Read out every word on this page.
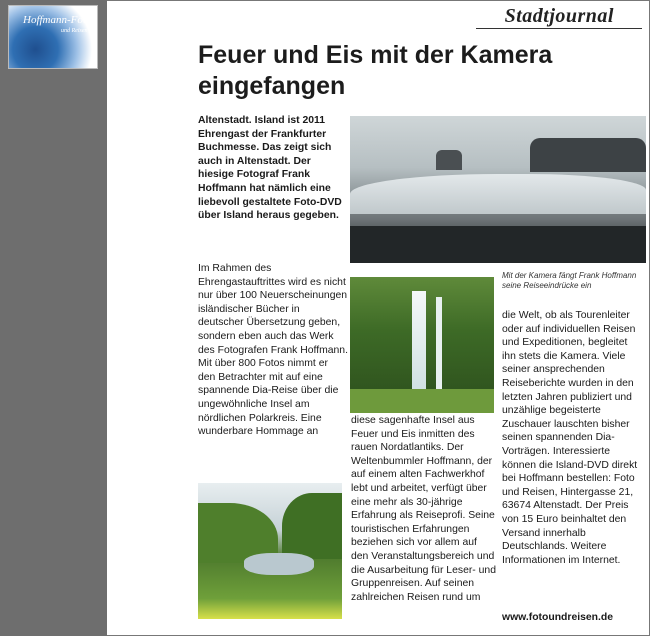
Hoffmann-Foto
und Reisen
Stadtjournal
Feuer und Eis mit der Kamera eingefangen

Altenstadt. Island ist 2011 Ehrengast der Frankfurter Buchmesse. Das zeigt sich auch in Altenstadt. Der hiesige Fotograf Frank Hoffmann hat nämlich eine liebevoll gestaltete Foto-DVD über Island heraus gegeben.

Im Rahmen des Ehrengastauftrittes wird es nicht nur über 100 Neuerscheinungen isländischer Bücher in deutscher Übersetzung geben, sondern eben auch das Werk des Fotografen Frank Hoffmann. Mit über 800 Fotos nimmt er den Betrachter mit auf eine spannende Dia-Reise über die ungewöhnliche Insel am nördlichen Polarkreis. Eine wunderbare Hommage an

Mit der Kamera fängt Frank Hoffmann seine Reiseeindrücke ein

diese sagenhafte Insel aus Feuer und Eis inmitten des rauen Nordatlantiks. Der Weltenbummler Hoffmann, der auf einem alten Fachwerkhof lebt und arbeitet, verfügt über eine mehr als 30-jährige Erfahrung als Reiseprofi. Seine touristischen Erfahrungen beziehen sich vor allem auf den Veranstaltungsbereich und die Ausarbeitung für Leser- und Gruppenreisen. Auf seinen zahlreichen Reisen rund um

die Welt, ob als Tourenleiter oder auf individuellen Reisen und Expeditionen, begleitet ihn stets die Kamera. Viele seiner ansprechenden Reiseberichte wurden in den letzten Jahren publiziert und unzählige begeisterte Zuschauer lauschten bisher seinen spannenden Dia-Vorträgen. Interessierte können die Island-DVD direkt bei Hoffmann bestellen: Foto und Reisen, Hintergasse 21, 63674 Altenstadt. Der Preis von 15 Euro beinhaltet den Versand innerhalb Deutschlands. Weitere Informationen im Internet.

www.fotoundreisen.de
